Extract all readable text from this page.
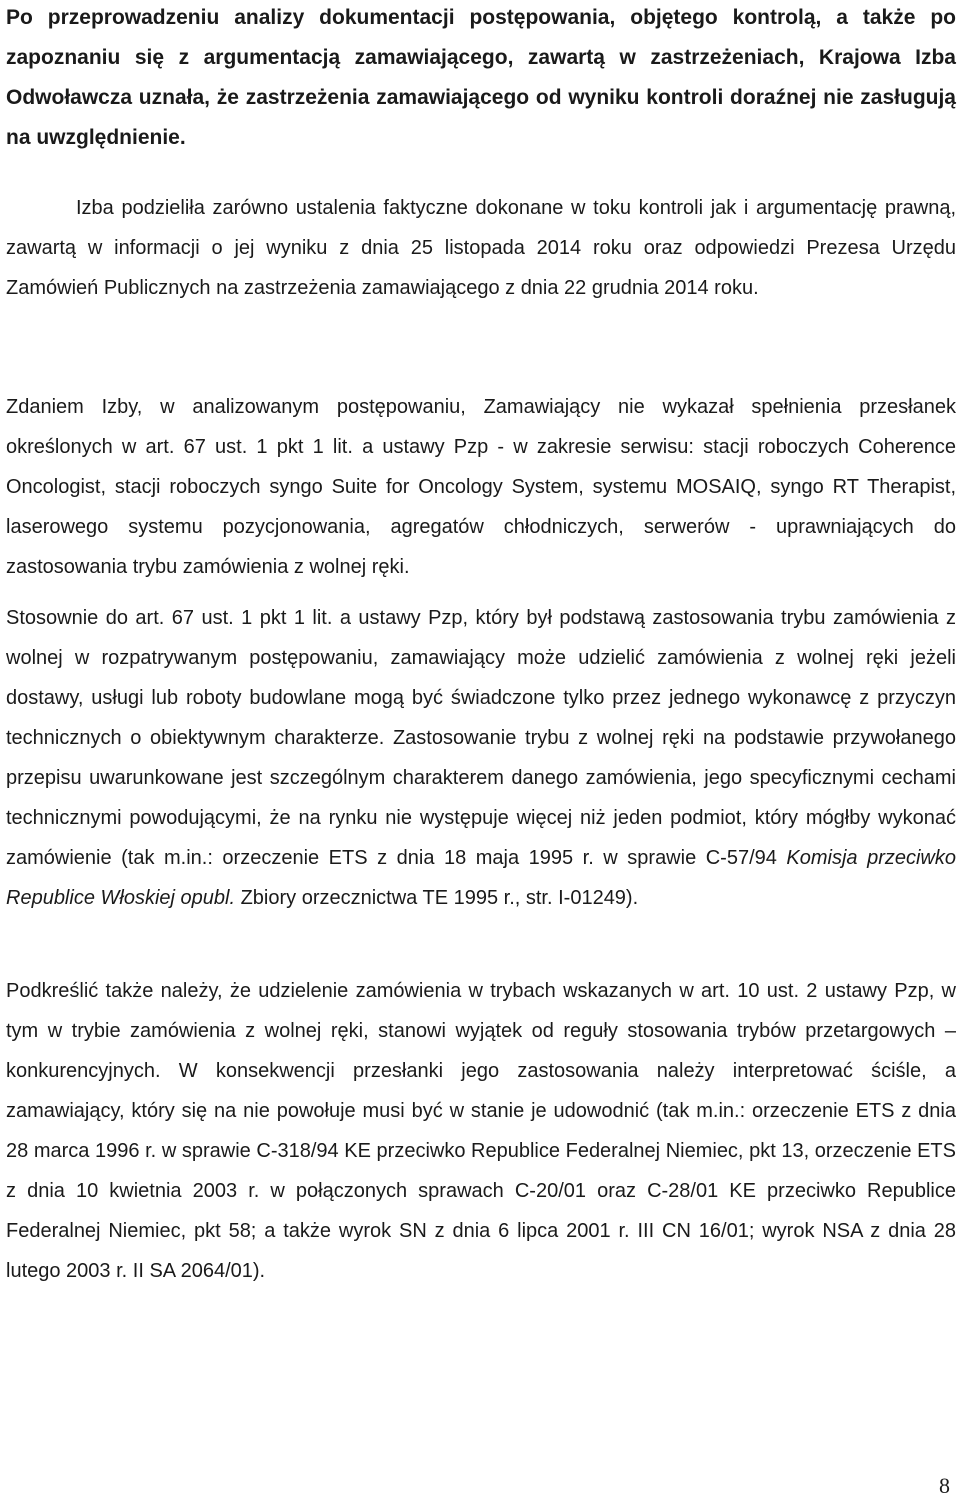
Po przeprowadzeniu analizy dokumentacji postępowania, objętego kontrolą, a także po zapoznaniu się z argumentacją zamawiającego, zawartą w zastrzeżeniach, Krajowa Izba Odwoławcza uznała, że zastrzeżenia zamawiającego od wyniku kontroli doraźnej nie zasługują na uwzględnienie.

Izba podzieliła zarówno ustalenia faktyczne dokonane w toku kontroli jak i argumentację prawną, zawartą w informacji o jej wyniku z dnia 25 listopada 2014 roku oraz odpowiedzi Prezesa Urzędu Zamówień Publicznych na zastrzeżenia zamawiającego z dnia 22 grudnia 2014 roku.

Zdaniem Izby, w analizowanym postępowaniu, Zamawiający nie wykazał spełnienia przesłanek określonych w art. 67 ust. 1 pkt 1 lit. a ustawy Pzp - w zakresie serwisu: stacji roboczych Coherence Oncologist, stacji roboczych syngo Suite for Oncology System, systemu MOSAIQ, syngo RT Therapist, laserowego systemu pozycjonowania, agregatów chłodniczych, serwerów - uprawniających do zastosowania trybu zamówienia z wolnej ręki.

Stosownie do art. 67 ust. 1 pkt 1 lit. a ustawy Pzp, który był podstawą zastosowania trybu zamówienia z wolnej w rozpatrywanym postępowaniu, zamawiający może udzielić zamówienia z wolnej ręki jeżeli dostawy, usługi lub roboty budowlane mogą być świadczone tylko przez jednego wykonawcę z przyczyn technicznych o obiektywnym charakterze. Zastosowanie trybu z wolnej ręki na podstawie przywołanego przepisu uwarunkowane jest szczególnym charakterem danego zamówienia, jego specyficznymi cechami technicznymi powodującymi, że na rynku nie występuje więcej niż jeden podmiot, który mógłby wykonać zamówienie (tak m.in.: orzeczenie ETS z dnia 18 maja 1995 r. w sprawie C-57/94 Komisja przeciwko Republice Włoskiej opubl. Zbiory orzecznictwa TE 1995 r., str. I-01249).

Podkreślić także należy, że udzielenie zamówienia w trybach wskazanych w art. 10 ust. 2 ustawy Pzp, w tym w trybie zamówienia z wolnej ręki, stanowi wyjątek od reguły stosowania trybów przetargowych – konkurencyjnych. W konsekwencji przesłanki jego zastosowania należy interpretować ściśle, a zamawiający, który się na nie powołuje musi być w stanie je udowodnić (tak m.in.: orzeczenie ETS z dnia 28 marca 1996 r. w sprawie C-318/94 KE przeciwko Republice Federalnej Niemiec, pkt 13, orzeczenie ETS z dnia 10 kwietnia 2003 r. w połączonych sprawach C-20/01 oraz C-28/01 KE przeciwko Republice Federalnej Niemiec, pkt 58; a także wyrok SN z dnia 6 lipca 2001 r. III CN 16/01; wyrok NSA z dnia 28 lutego 2003 r. II SA 2064/01).

8
